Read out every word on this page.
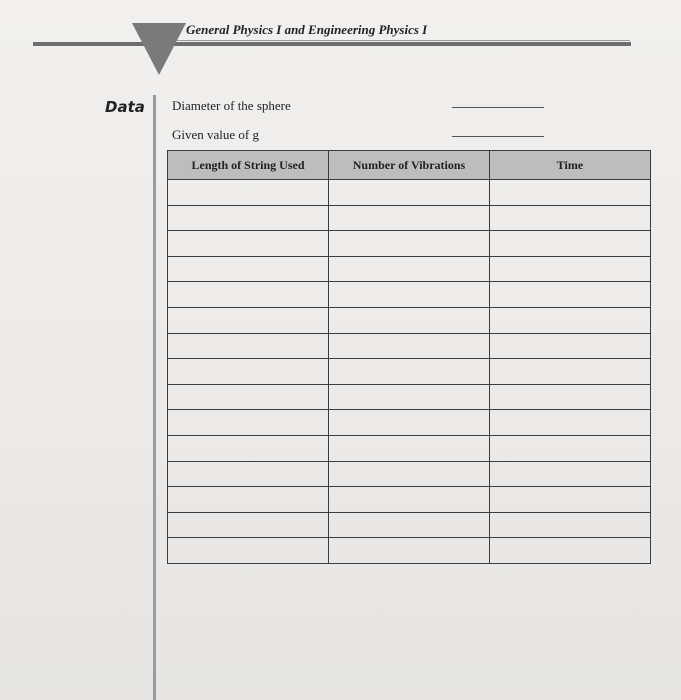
General Physics I and Engineering Physics I
Data Diameter of the sphere
Given value of g
Length of String Used	Number of Vibrations	Time
